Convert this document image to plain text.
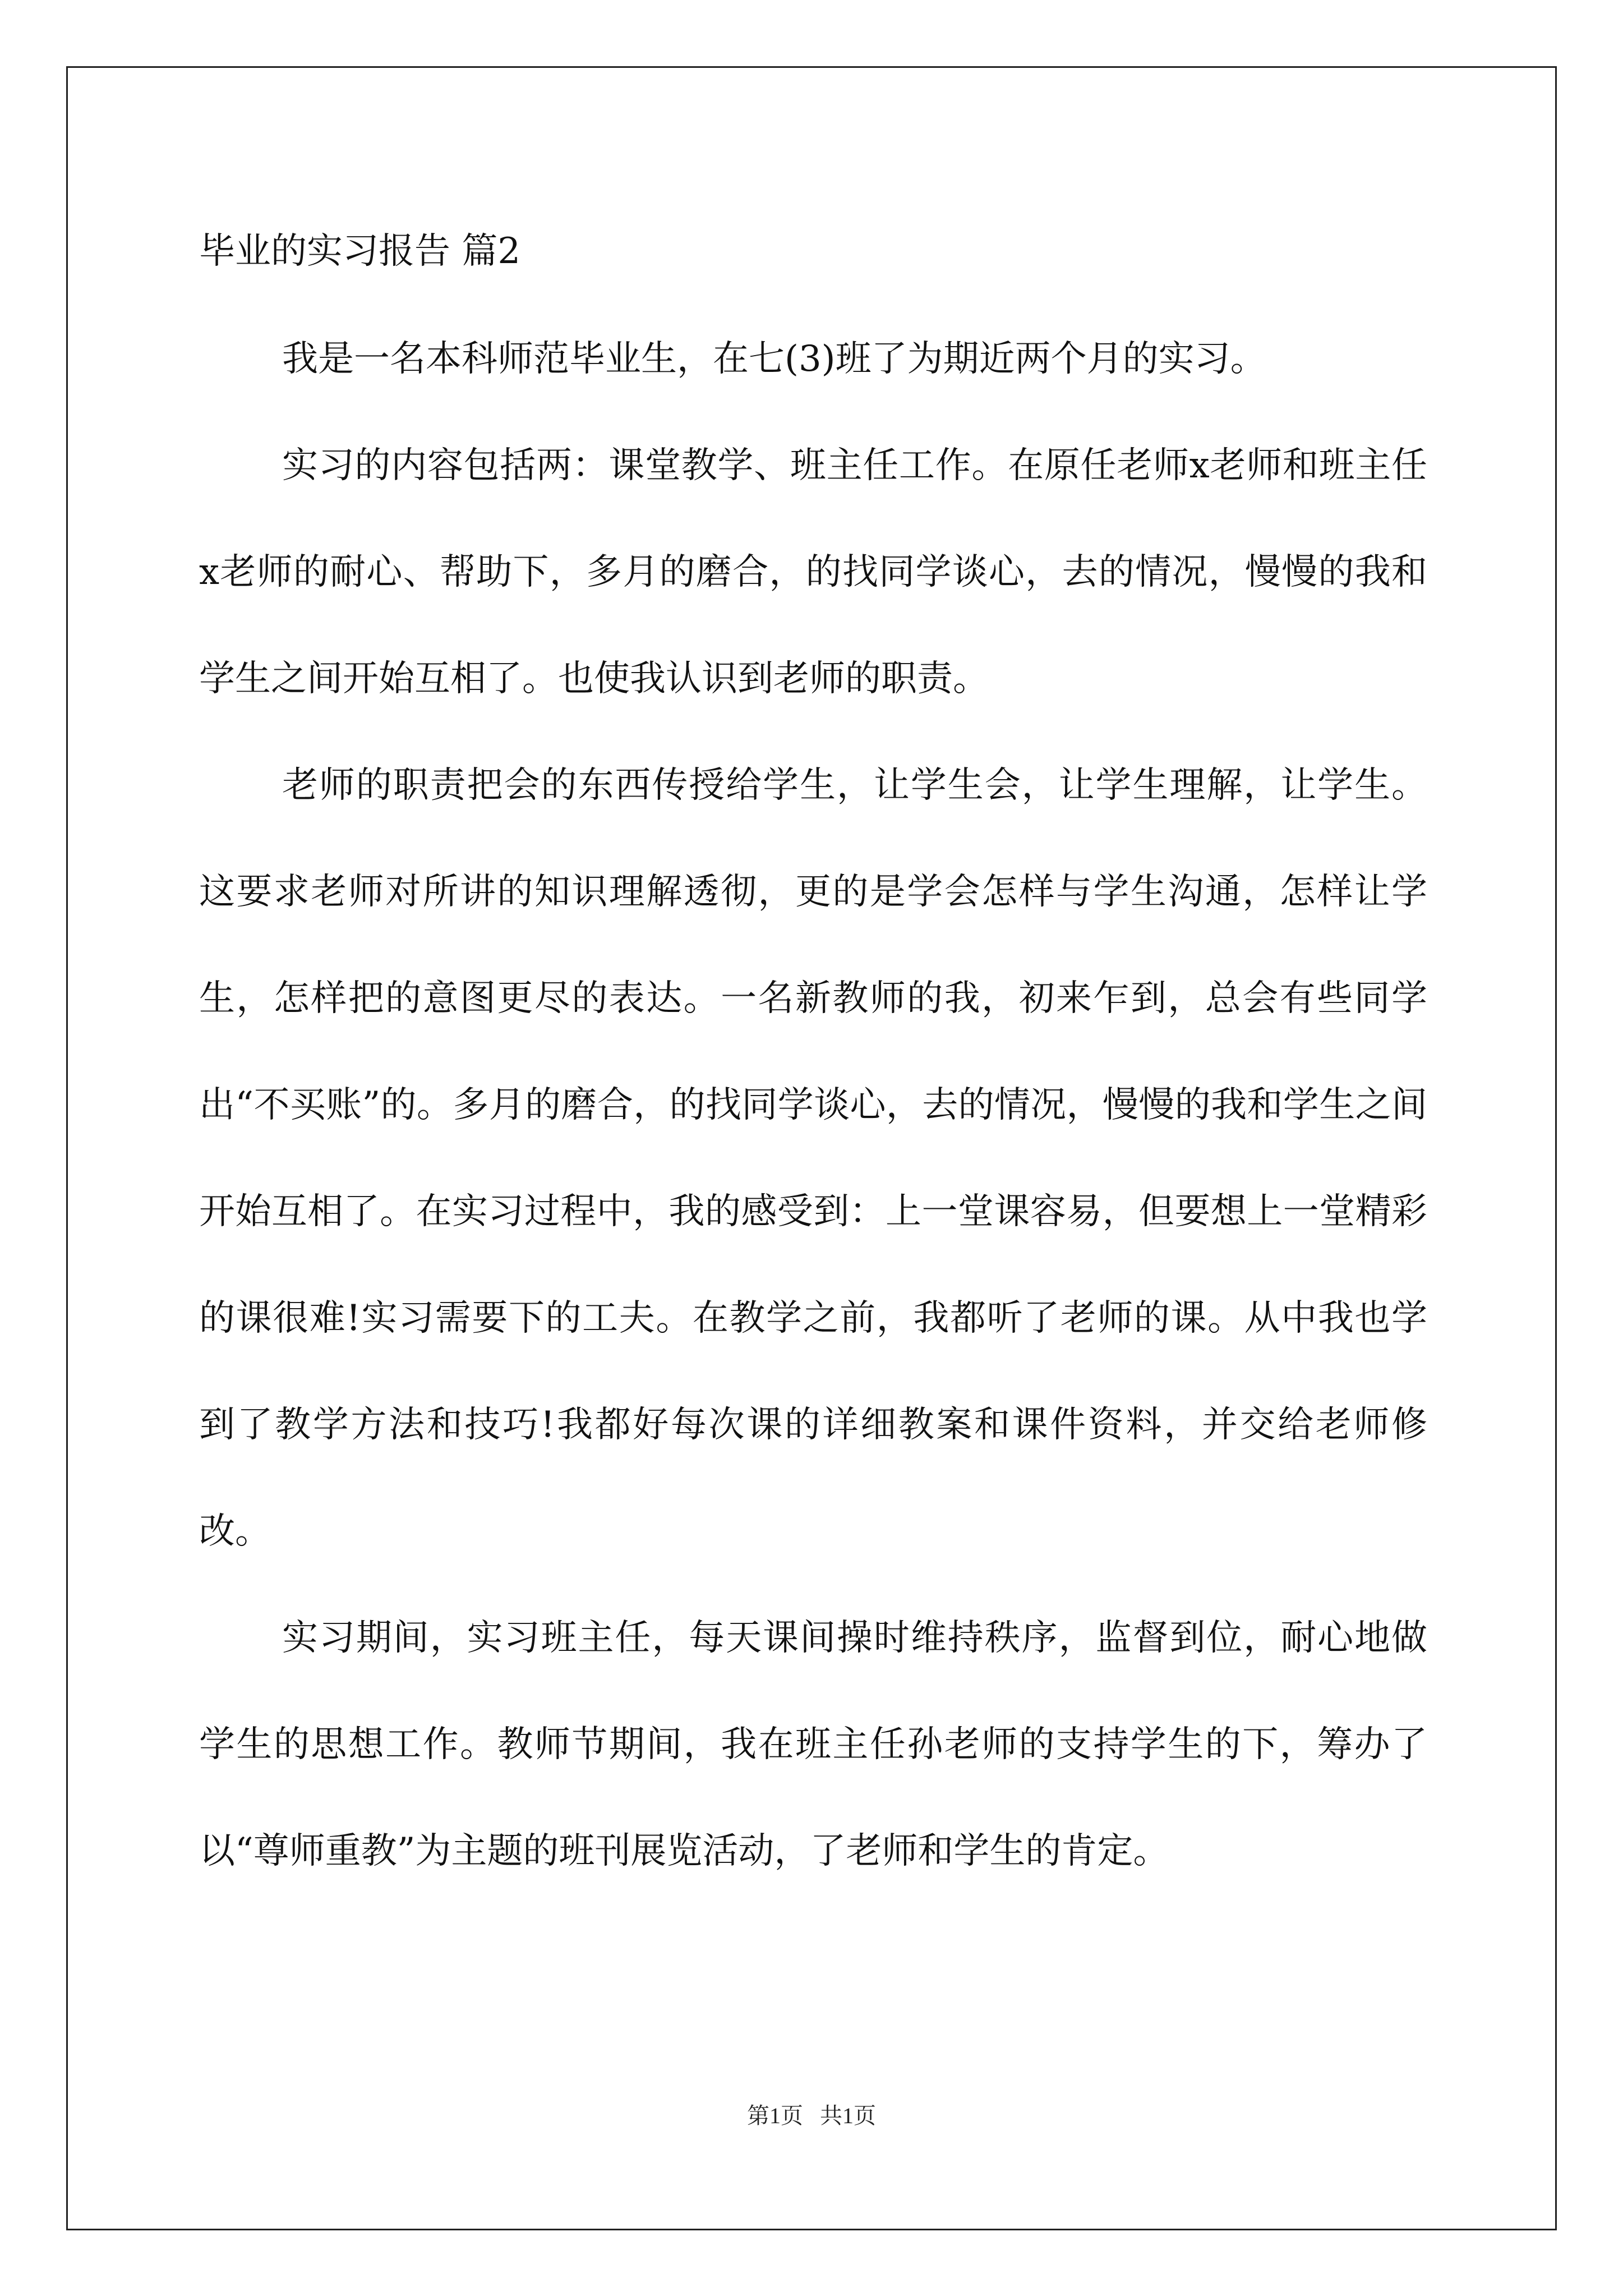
毕业的实习报告 篇2

我是一名本科师范毕业生，在七(3)班了为期近两个月的实习。

实习的内容包括两：课堂教学、班主任工作。在原任老师x老师和班主任x老师的耐心、帮助下，多月的磨合，的找同学谈心，去的情况，慢慢的我和学生之间开始互相了。也使我认识到老师的职责。

老师的职责把会的东西传授给学生，让学生会，让学生理解，让学生。这要求老师对所讲的知识理解透彻，更的是学会怎样与学生沟通，怎样让学生，怎样把的意图更尽的表达。一名新教师的我，初来乍到，总会有些同学出“不买账”的。多月的磨合，的找同学谈心，去的情况，慢慢的我和学生之间开始互相了。在实习过程中，我的感受到：上一堂课容易，但要想上一堂精彩的课很难!实习需要下的工夫。在教学之前，我都听了老师的课。从中我也学到了教学方法和技巧!我都好每次课的详细教案和课件资料，并交给老师修改。

实习期间，实习班主任，每天课间操时维持秩序，监督到位，耐心地做学生的思想工作。教师节期间，我在班主任孙老师的支持学生的下，筹办了以“尊师重教”为主题的班刊展览活动，了老师和学生的肯定。

第1页   共1页
